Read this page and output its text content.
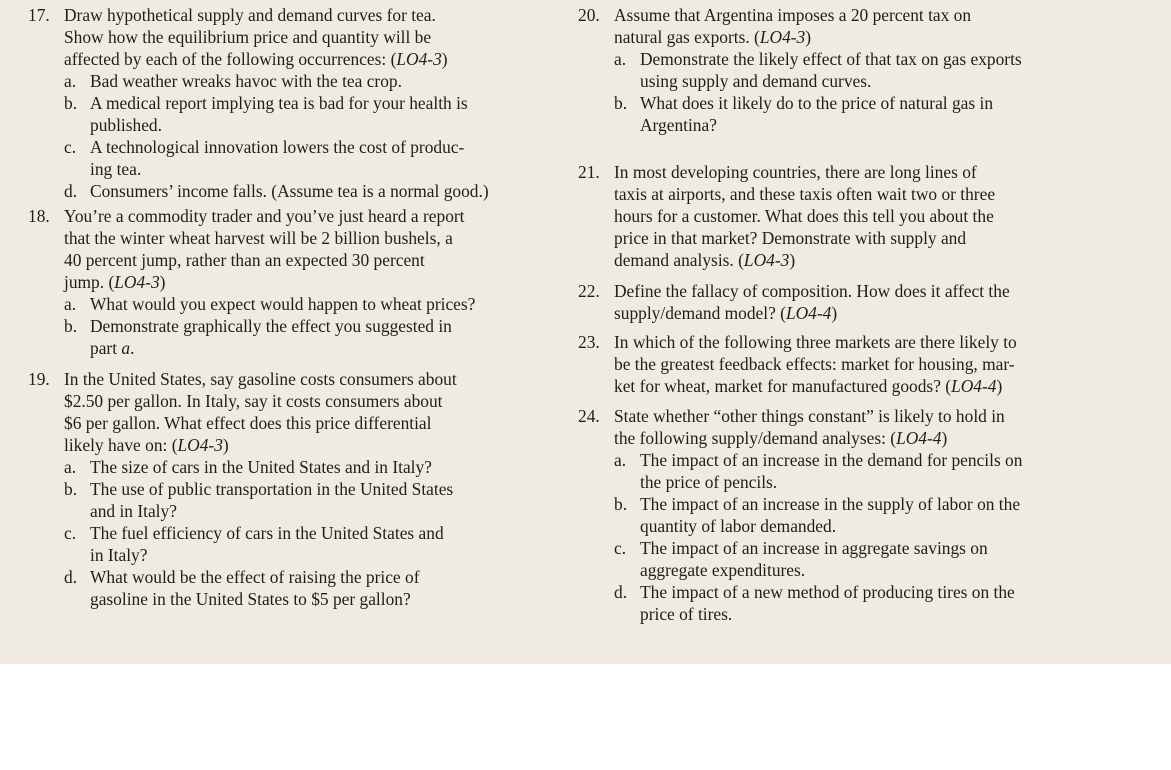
17. Draw hypothetical supply and demand curves for tea.
Show how the equilibrium price and quantity will be
affected by each of the following occurrences: (LO4-3)
a. Bad weather wreaks havoc with the tea crop.
b. A medical report implying tea is bad for your health is
published.
c. A technological innovation lowers the cost of produc-
ing tea.
d. Consumers’ income falls. (Assume tea is a normal good.)
18. You’re a commodity trader and you’ve just heard a report
that the winter wheat harvest will be 2 billion bushels, a
40 percent jump, rather than an expected 30 percent
jump. (LO4-3)
a. What would you expect would happen to wheat prices?
b. Demonstrate graphically the effect you suggested in
part a.
19. In the United States, say gasoline costs consumers about
$2.50 per gallon. In Italy, say it costs consumers about
$6 per gallon. What effect does this price differential
likely have on: (LO4-3)
a. The size of cars in the United States and in Italy?
b. The use of public transportation in the United States
and in Italy?
c. The fuel efficiency of cars in the United States and
in Italy?
d. What would be the effect of raising the price of
gasoline in the United States to $5 per gallon?
20. Assume that Argentina imposes a 20 percent tax on
natural gas exports. (LO4-3)
a. Demonstrate the likely effect of that tax on gas exports
using supply and demand curves.
b. What does it likely do to the price of natural gas in
Argentina?
21. In most developing countries, there are long lines of
taxis at airports, and these taxis often wait two or three
hours for a customer. What does this tell you about the
price in that market? Demonstrate with supply and
demand analysis. (LO4-3)
22. Define the fallacy of composition. How does it affect the
supply/demand model? (LO4-4)
23. In which of the following three markets are there likely to
be the greatest feedback effects: market for housing, mar-
ket for wheat, market for manufactured goods? (LO4-4)
24. State whether “other things constant” is likely to hold in
the following supply/demand analyses: (LO4-4)
a. The impact of an increase in the demand for pencils on
the price of pencils.
b. The impact of an increase in the supply of labor on the
quantity of labor demanded.
c. The impact of an increase in aggregate savings on
aggregate expenditures.
d. The impact of a new method of producing tires on the
price of tires.
